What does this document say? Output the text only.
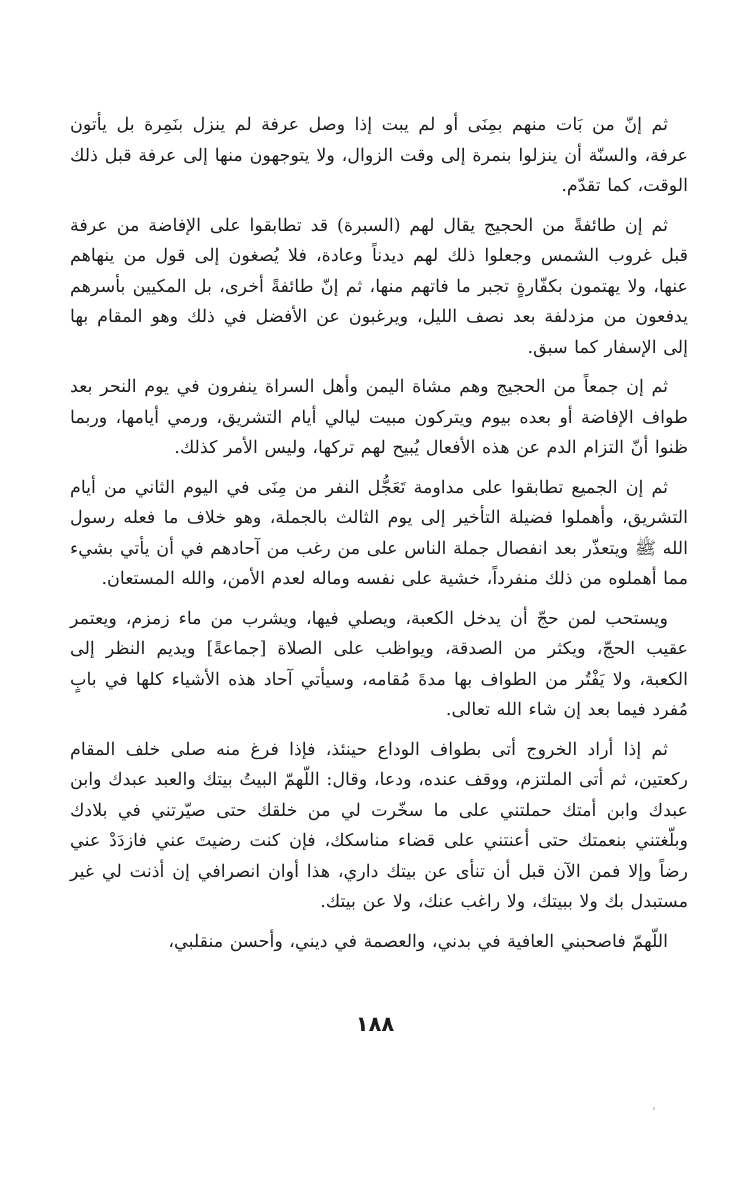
ثم إنّ من بَات منهم بمِنَى أو لم يبت إذا وصل عرفة لم ينزل بنَمِرة بل يأتون عرفة، والسنّة أن ينزلوا بنمرة إلى وقت الزوال، ولا يتوجهون منها إلى عرفة قبل ذلك الوقت، كما تقدّم.

ثم إن طائفةً من الحجيج يقال لهم (السبرة) قد تطابقوا على الإفاضة من عرفة قبل غروب الشمس وجعلوا ذلك لهم ديدناً وعادة، فلا يُصغون إلى قول من ينهاهم عنها، ولا يهتمون بكفّارةٍ تجبر ما فاتهم منها، ثم إنّ طائفةً أخرى، بل المكيين بأسرهم يدفعون من مزدلفة بعد نصف الليل، ويرغبون عن الأفضل في ذلك وهو المقام بها إلى الإسفار كما سبق.

ثم إن جمعاً من الحجيج وهم مشاة اليمن وأهل السراة ينفرون في يوم النحر بعد طواف الإفاضة أو بعده بيوم ويتركون مبيت ليالي أيام التشريق، ورمي أيامها، وربما ظنوا أنّ التزام الدم عن هذه الأفعال يُبيح لهم تركها، وليس الأمر كذلك.

ثم إن الجميع تطابقوا على مداومة تَعَجُّل النفر من مِنَى في اليوم الثاني من أيام التشريق، وأهملوا فضيلة التأخير إلى يوم الثالث بالجملة، وهو خلاف ما فعله رسول الله ﷺ ويتعذّر بعد انفصال جملة الناس على من رغب من آحادهم في أن يأتي بشيء مما أهملوه من ذلك منفرداً، خشية على نفسه وماله لعدم الأمن، والله المستعان.

ويستحب لمن حجّ أن يدخل الكعبة، ويصلي فيها، ويشرب من ماء زمزم، ويعتمر عقيب الحجّ، ويكثر من الصدقة، ويواظب على الصلاة [جماعةً] ويديم النظر إلى الكعبة، ولا يَفْتُر من الطواف بها مدةَ مُقامه، وسيأتي آحاد هذه الأشياء كلها في بابٍ مُفرد فيما بعد إن شاء الله تعالى.

ثم إذا أراد الخروج أتى بطواف الوداع حينئذ، فإذا فرغ منه صلى خلف المقام ركعتين، ثم أتى الملتزم، ووقف عنده، ودعا، وقال: اللّهمّ البيتُ بيتك والعبد عبدك وابن عبدك وابن أمتك حملتني على ما سخّرت لي من خلقك حتى صيّرتني في بلادك وبلّغتني بنعمتك حتى أعنتني على قضاء مناسكك، فإن كنت رضيتَ عني فازدَدْ عني رضاً وإلا فمن الآن قبل أن تنأى عن بيتك داري، هذا أوان انصرافي إن أذنت لي غير مستبدل بك ولا ببيتك، ولا راغب عنك، ولا عن بيتك.

اللّهمّ فاصحبني العافية في بدني، والعصمة في ديني، وأحسن منقلبي،

١٨٨
